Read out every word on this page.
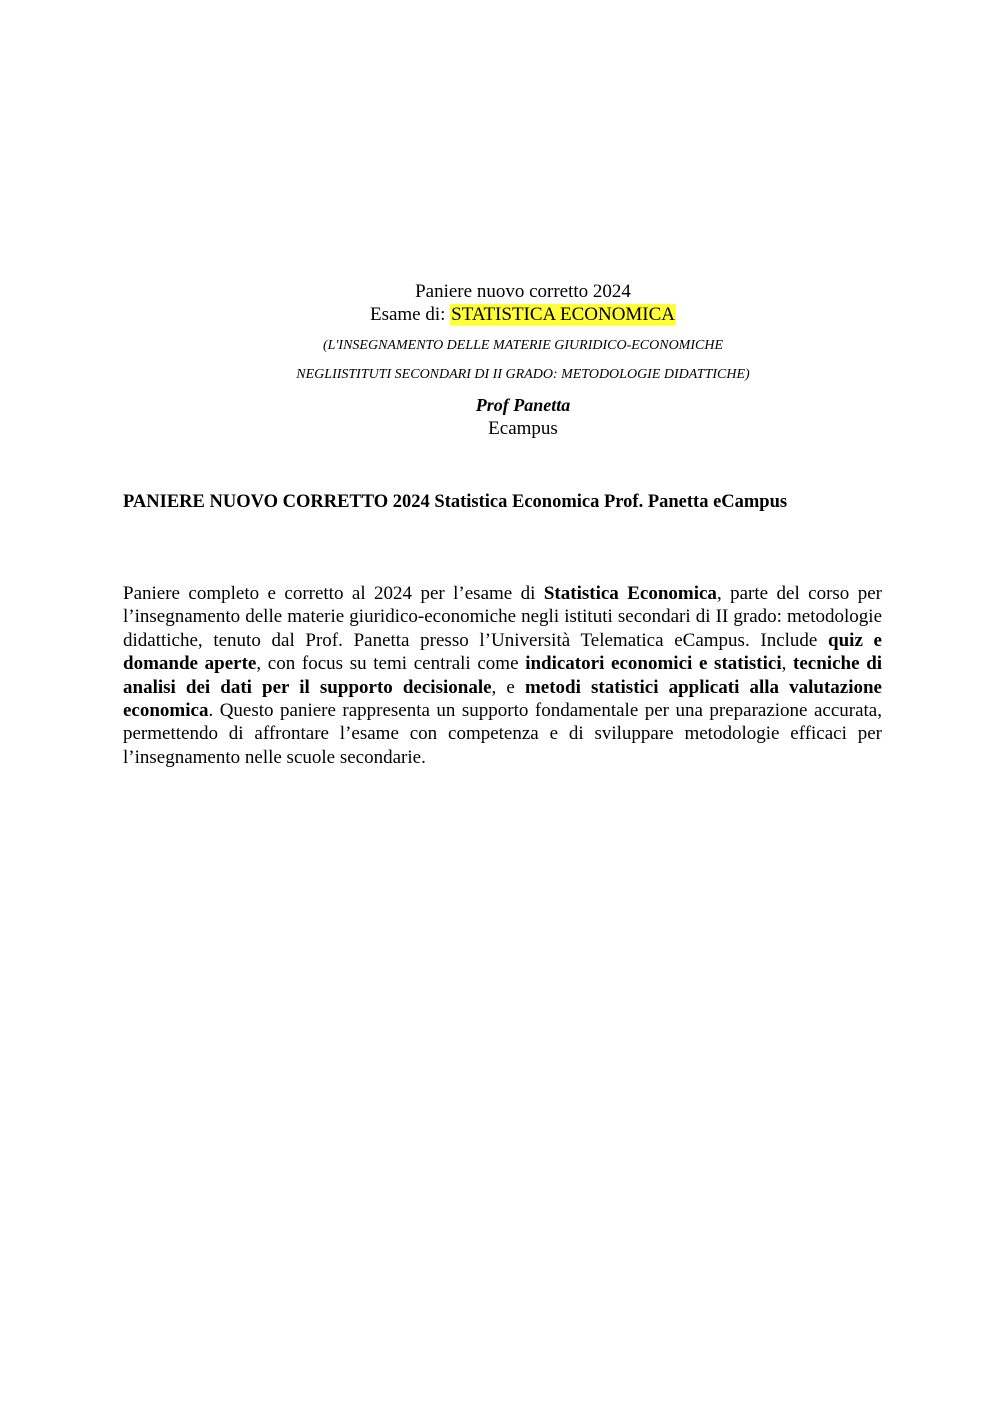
Paniere nuovo corretto 2024
Esame di: STATISTICA ECONOMICA
(L'INSEGNAMENTO DELLE MATERIE GIURIDICO-ECONOMICHE
NEGLIISTITUTI SECONDARI DI II GRADO: METODOLOGIE DIDATTICHE)
Prof Panetta
Ecampus
PANIERE NUOVO CORRETTO 2024 Statistica Economica Prof. Panetta eCampus
Paniere completo e corretto al 2024 per l’esame di Statistica Economica, parte del corso per l’insegnamento delle materie giuridico-economiche negli istituti secondari di II grado: metodologie didattiche, tenuto dal Prof. Panetta presso l’Università Telematica eCampus. Include quiz e domande aperte, con focus su temi centrali come indicatori economici e statistici, tecniche di analisi dei dati per il supporto decisionale, e metodi statistici applicati alla valutazione economica. Questo paniere rappresenta un supporto fondamentale per una preparazione accurata, permettendo di affrontare l’esame con competenza e di sviluppare metodologie efficaci per l’insegnamento nelle scuole secondarie.
